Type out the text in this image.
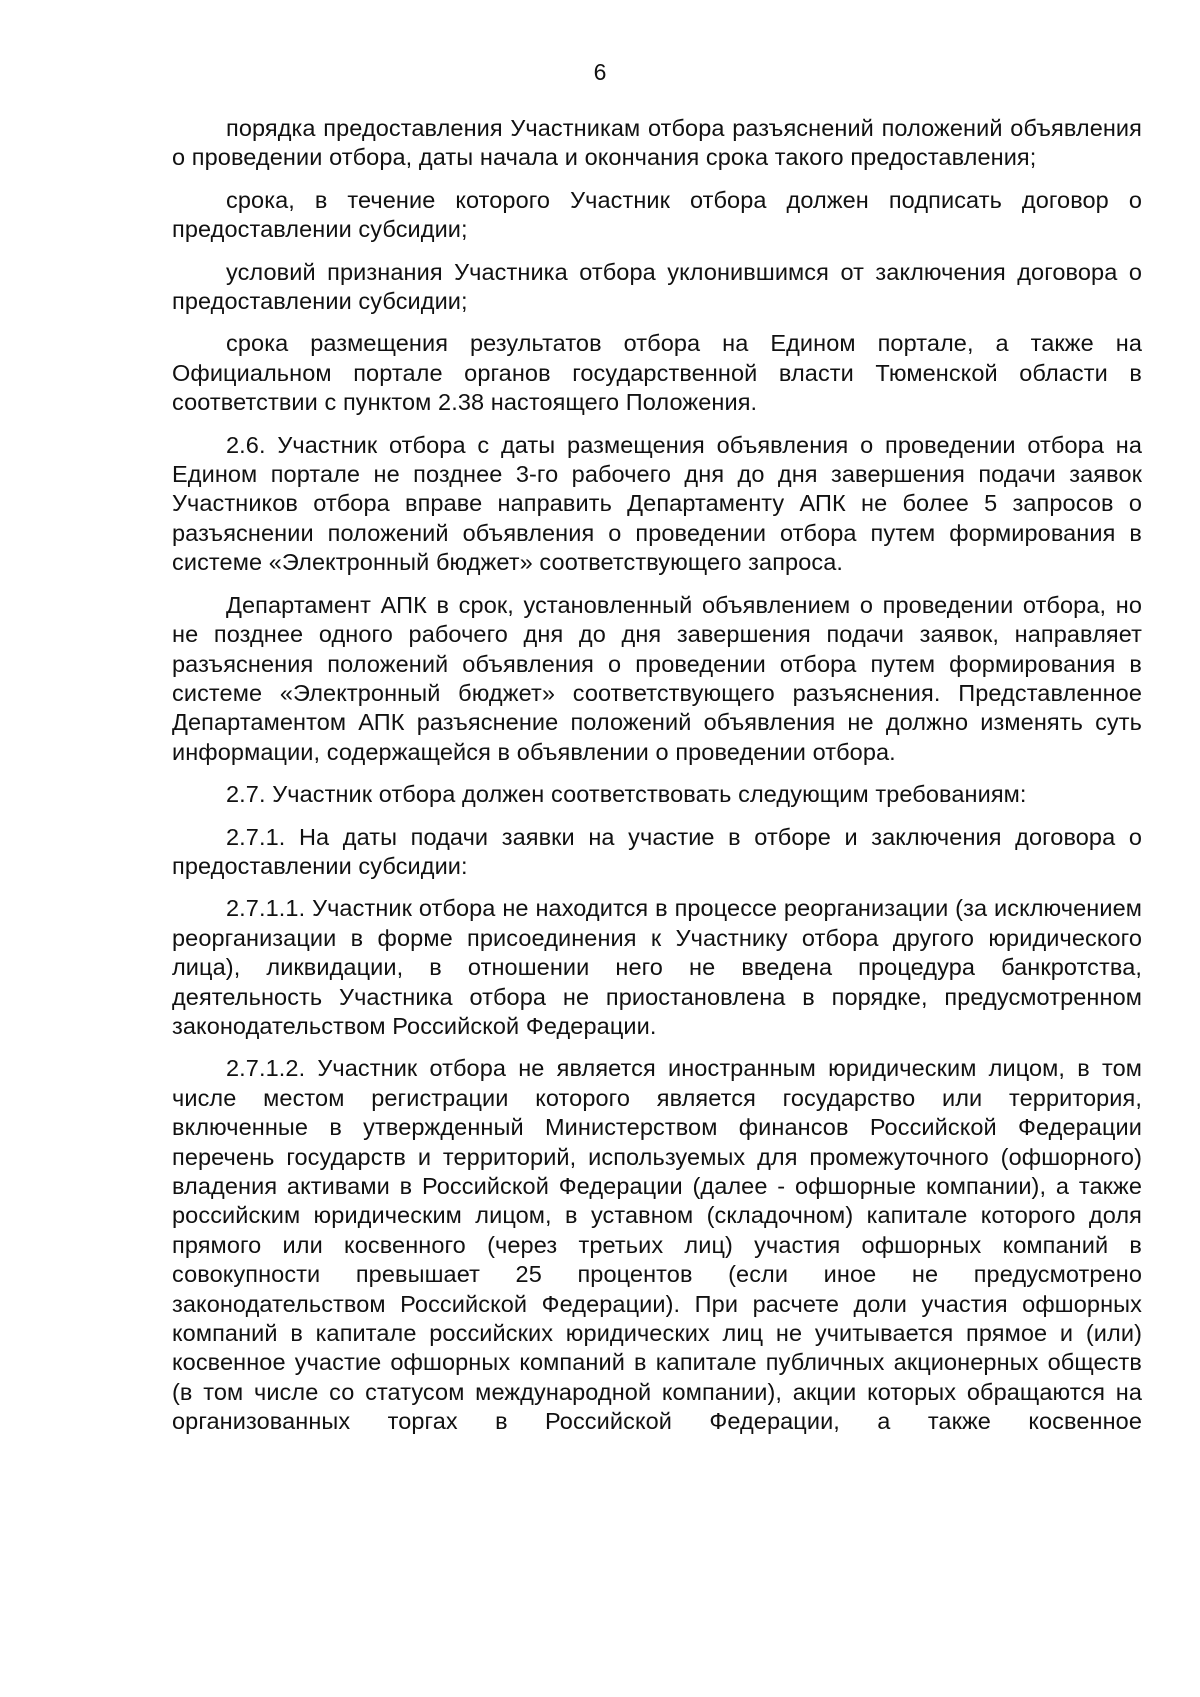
6

порядка предоставления Участникам отбора разъяснений положений объявления о проведении отбора, даты начала и окончания срока такого предоставления;

срока, в течение которого Участник отбора должен подписать договор о предоставлении субсидии;

условий признания Участника отбора уклонившимся от заключения договора о предоставлении субсидии;

срока размещения результатов отбора на Едином портале, а также на Официальном портале органов государственной власти Тюменской области в соответствии с пунктом 2.38 настоящего Положения.

2.6. Участник отбора с даты размещения объявления о проведении отбора на Едином портале не позднее 3-го рабочего дня до дня завершения подачи заявок Участников отбора вправе направить Департаменту АПК не более 5 запросов о разъяснении положений объявления о проведении отбора путем формирования в системе «Электронный бюджет» соответствующего запроса.

Департамент АПК в срок, установленный объявлением о проведении отбора, но не позднее одного рабочего дня до дня завершения подачи заявок, направляет разъяснения положений объявления о проведении отбора путем формирования в системе «Электронный бюджет» соответствующего разъяснения. Представленное Департаментом АПК разъяснение положений объявления не должно изменять суть информации, содержащейся в объявлении о проведении отбора.

2.7. Участник отбора должен соответствовать следующим требованиям:

2.7.1. На даты подачи заявки на участие в отборе и заключения договора о предоставлении субсидии:

2.7.1.1. Участник отбора не находится в процессе реорганизации (за исключением реорганизации в форме присоединения к Участнику отбора другого юридического лица), ликвидации, в отношении него не введена процедура банкротства, деятельность Участника отбора не приостановлена в порядке, предусмотренном законодательством Российской Федерации.

2.7.1.2. Участник отбора не является иностранным юридическим лицом, в том числе местом регистрации которого является государство или территория, включенные в утвержденный Министерством финансов Российской Федерации перечень государств и территорий, используемых для промежуточного (офшорного) владения активами в Российской Федерации (далее - офшорные компании), а также российским юридическим лицом, в уставном (складочном) капитале которого доля прямого или косвенного (через третьих лиц) участия офшорных компаний в совокупности превышает 25 процентов (если иное не предусмотрено законодательством Российской Федерации). При расчете доли участия офшорных компаний в капитале российских юридических лиц не учитывается прямое и (или) косвенное участие офшорных компаний в капитале публичных акционерных обществ (в том числе со статусом международной компании), акции которых обращаются на организованных торгах в Российской Федерации, а также косвенное
